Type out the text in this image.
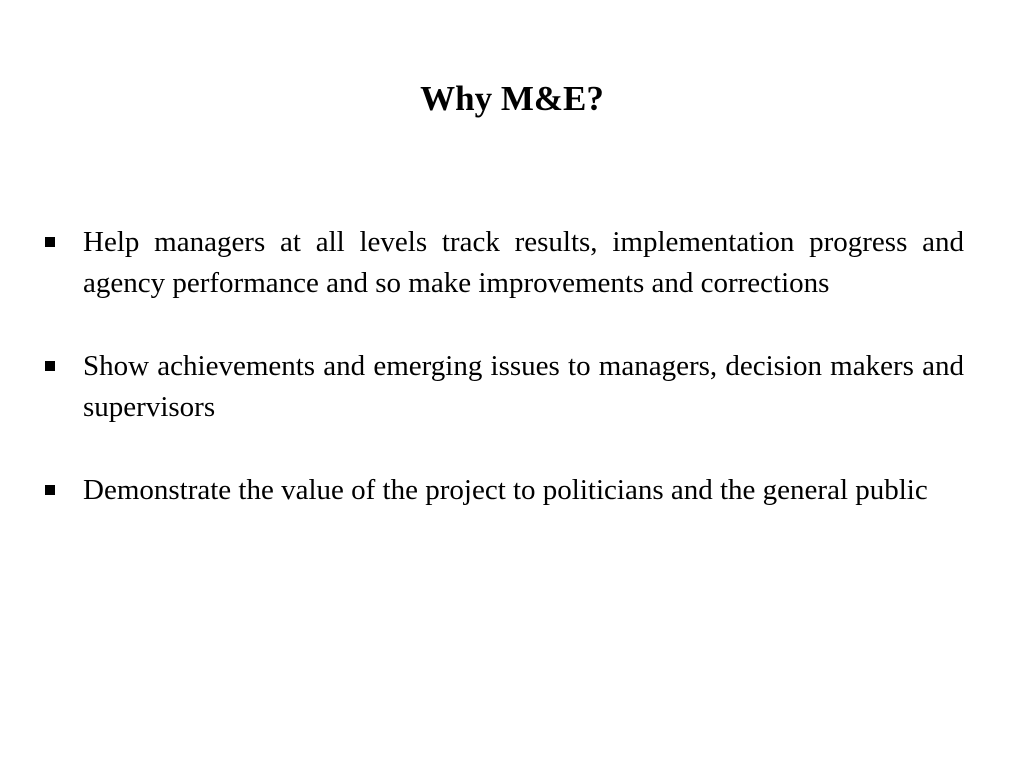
Why M&E?
Help managers at all levels track results, implementation progress and agency performance and so make improvements and corrections
Show achievements and emerging issues to managers, decision makers and supervisors
Demonstrate the value of the project to politicians and the general public
